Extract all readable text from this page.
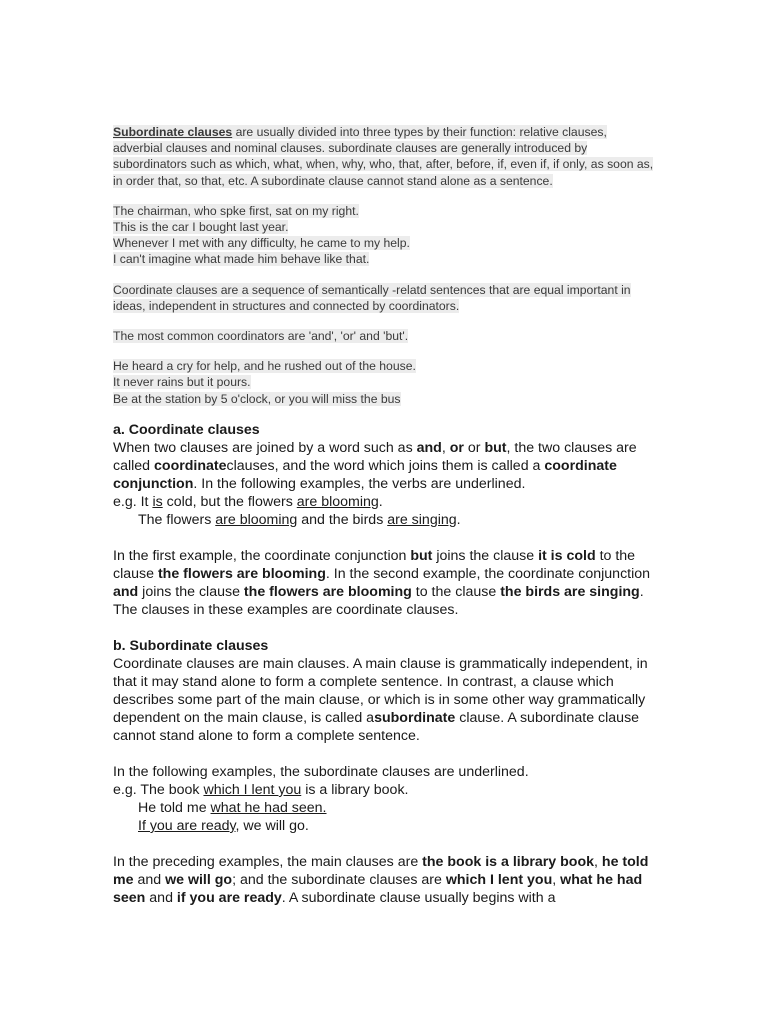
Subordinate clauses are usually divided into three types by their function: relative clauses, adverbial clauses and nominal clauses. subordinate clauses are generally introduced by subordinators such as which, what, when, why, who, that, after, before, if, even if, if only, as soon as, in order that, so that, etc. A subordinate clause cannot stand alone as a sentence.

The chairman, who spke first, sat on my right.
This is the car I bought last year.
Whenever I met with any difficulty, he came to my help.
I can't imagine what made him behave like that.

Coordinate clauses are a sequence of semantically -relatd sentences that are equal important in ideas, independent in structures and connected by coordinators.

The most common coordinators are 'and', 'or' and 'but'.

He heard a cry for help, and he rushed out of the house.
It never rains but it pours.
Be at the station by 5 o'clock, or you will miss the bus

a. Coordinate clauses

When two clauses are joined by a word such as and, or or but, the two clauses are called coordinateclauses, and the word which joins them is called a coordinate conjunction. In the following examples, the verbs are underlined.

e.g. It is cold, but the flowers are blooming.

The flowers are blooming and the birds are singing.

In the first example, the coordinate conjunction but joins the clause it is cold to the clause the flowers are blooming. In the second example, the coordinate conjunction and joins the clause the flowers are blooming to the clause the birds are singing. The clauses in these examples are coordinate clauses.

b. Subordinate clauses

Coordinate clauses are main clauses. A main clause is grammatically independent, in that it may stand alone to form a complete sentence. In contrast, a clause which describes some part of the main clause, or which is in some other way grammatically dependent on the main clause, is called asubordinate clause. A subordinate clause cannot stand alone to form a complete sentence.

In the following examples, the subordinate clauses are underlined.
e.g. The book which I lent you is a library book.
He told me what he had seen.

If you are ready, we will go.

In the preceding examples, the main clauses are the book is a library book, he told me and we will go; and the subordinate clauses are which I lent you, what he had seen and if you are ready. A subordinate clause usually begins with a
